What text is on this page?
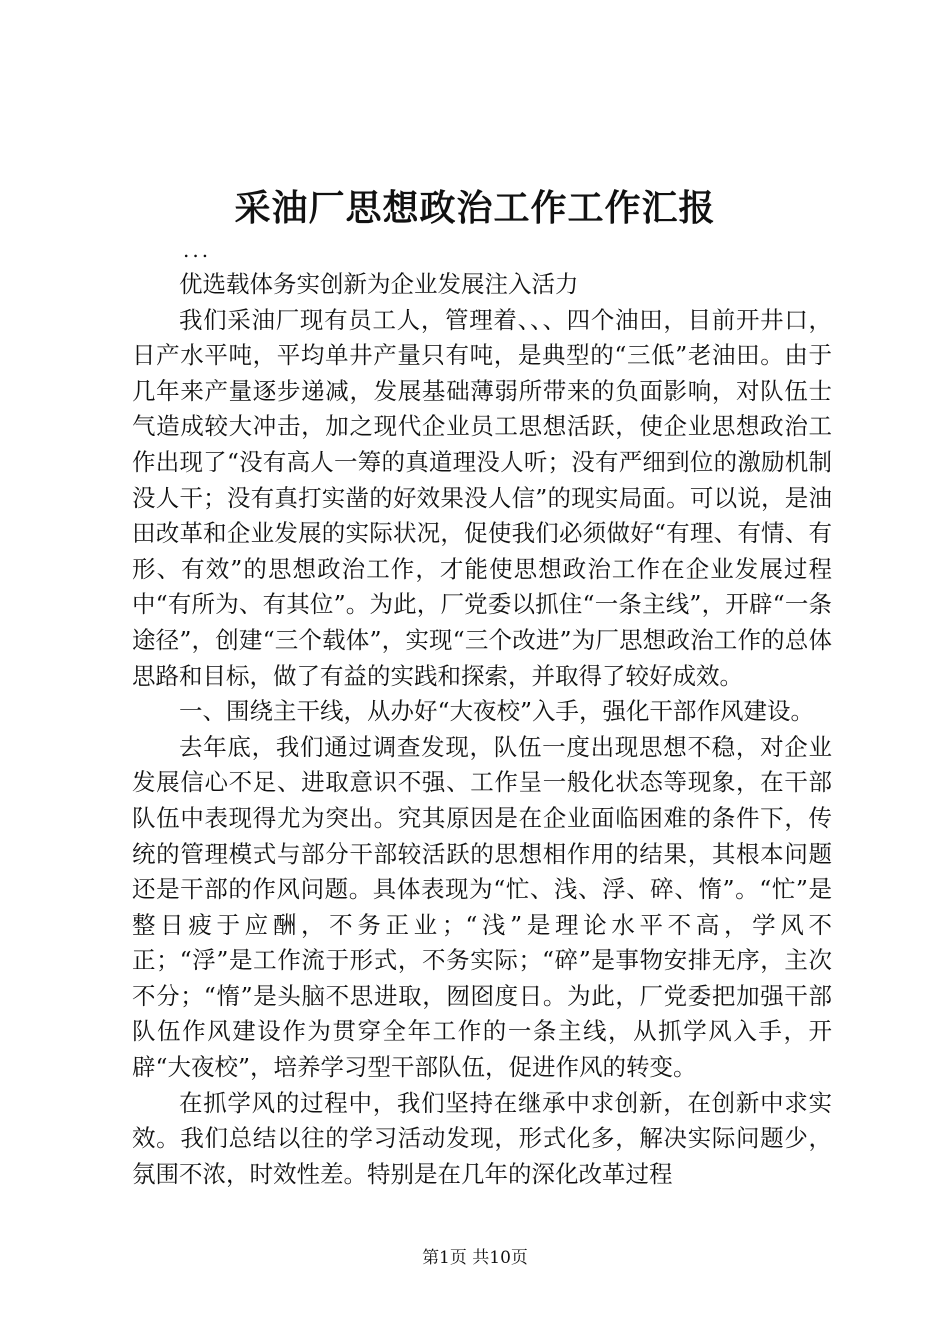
采油厂思想政治工作工作汇报
...

优选载体务实创新为企业发展注入活力

我们采油厂现有员工人，管理着、、、四个油田，目前开井口，日产水平吨，平均单井产量只有吨，是典型的“三低”老油田。由于几年来产量逐步递减，发展基础薄弱所带来的负面影响，对队伍士气造成较大冲击，加之现代企业员工思想活跃，使企业思想政治工作出现了“没有高人一筹的真道理没人听；没有严细到位的激励机制没人干；没有真打实凿的好效果没人信”的现实局面。可以说，是油田改革和企业发展的实际状况，促使我们必须做好“有理、有情、有形、有效”的思想政治工作，才能使思想政治工作在企业发展过程中“有所为、有其位”。为此，厂党委以抓住“一条主线”，开辟“一条途径”，创建“三个载体”，实现“三个改进”为厂思想政治工作的总体思路和目标，做了有益的实践和探索，并取得了较好成效。

一、围绕主干线，从办好“大夜校”入手，强化干部作风建设。

去年底，我们通过调查发现，队伍一度出现思想不稳，对企业发展信心不足、进取意识不强、工作呈一般化状态等现象，在干部队伍中表现得尤为突出。究其原因是在企业面临困难的条件下，传统的管理模式与部分干部较活跃的思想相作用的结果，其根本问题还是干部的作风问题。具体表现为“忙、浅、浮、碎、惰”。“忙”是整日疲于应酬，不务正业；“浅”是理论水平不高，学风不正；“浮”是工作流于形式，不务实际；“碎”是事物安排无序，主次不分；“惰”是头脑不思进取，囫囵度日。为此，厂党委把加强干部队伍作风建设作为贯穿全年工作的一条主线，从抓学风入手，开辟“大夜校”，培养学习型干部队伍，促进作风的转变。

在抓学风的过程中，我们坚持在继承中求创新，在创新中求实效。我们总结以往的学习活动发现，形式化多，解决实际问题少，氛围不浓，时效性差。特别是在几年的深化改革过程

第1页 共10页
